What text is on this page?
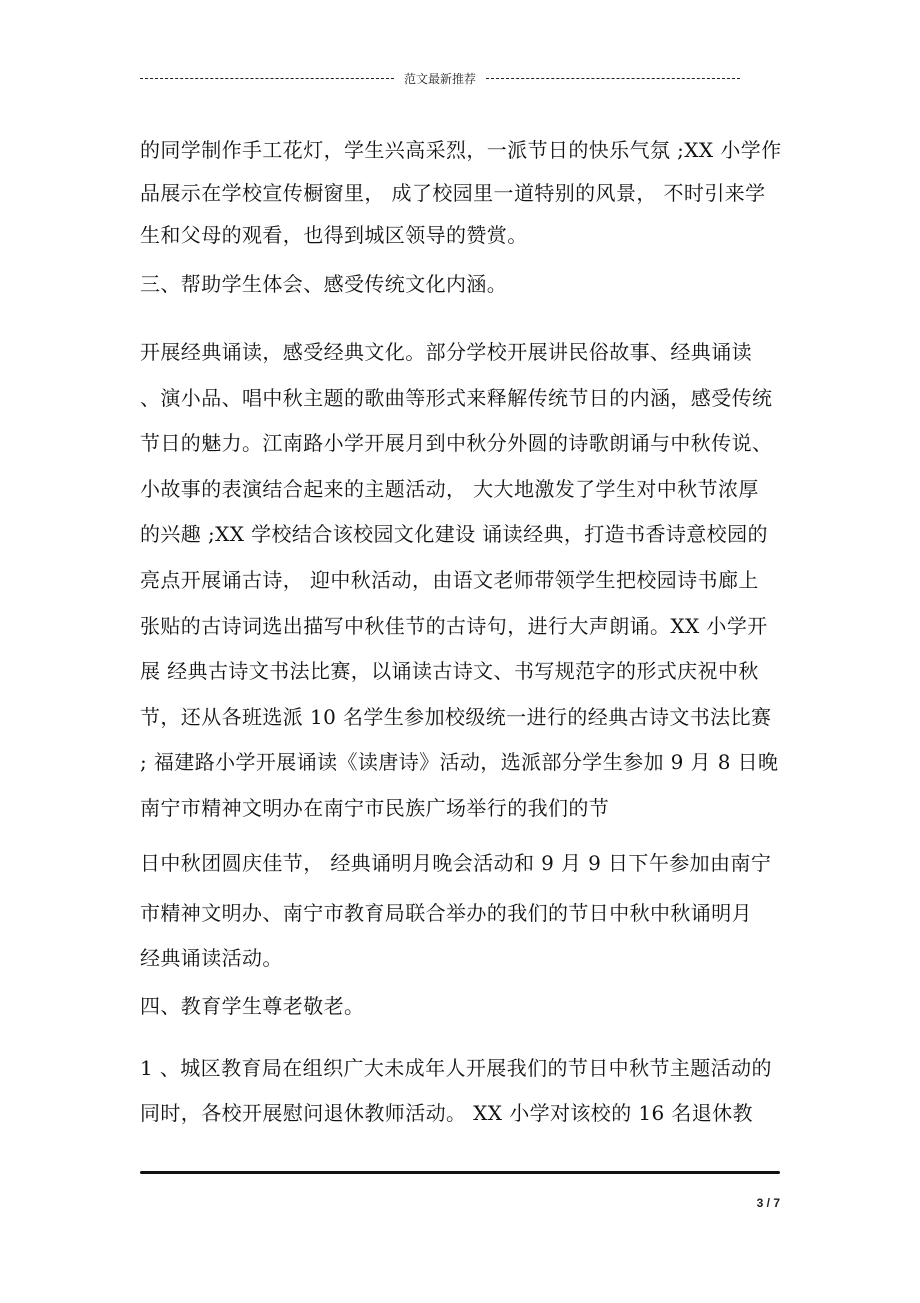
范文最新推荐
的同学制作手工花灯，学生兴高采烈，一派节日的快乐气氛 ;XX 小学作
品展示在学校宣传橱窗里， 成了校园里一道特别的风景， 不时引来学
生和父母的观看，也得到城区领导的赞赏。
三、帮助学生体会、感受传统文化内涵。
开展经典诵读，感受经典文化。部分学校开展讲民俗故事、经典诵读
、演小品、唱中秋主题的歌曲等形式来释解传统节日的内涵，感受传统
节日的魅力。江南路小学开展月到中秋分外圆的诗歌朗诵与中秋传说、
小故事的表演结合起来的主题活动， 大大地激发了学生对中秋节浓厚
的兴趣 ;XX 学校结合该校园文化建设 诵读经典，打造书香诗意校园的
亮点开展诵古诗， 迎中秋活动，由语文老师带领学生把校园诗书廊上
张贴的古诗词选出描写中秋佳节的古诗句，进行大声朗诵。XX 小学开
展 经典古诗文书法比赛，以诵读古诗文、书写规范字的形式庆祝中秋
节，还从各班选派 10 名学生参加校级统一进行的经典古诗文书法比赛
; 福建路小学开展诵读《读唐诗》活动，选派部分学生参加 9 月 8 日晚
南宁市精神文明办在南宁市民族广场举行的我们的节
日中秋团圆庆佳节， 经典诵明月晚会活动和 9 月 9 日下午参加由南宁
市精神文明办、南宁市教育局联合举办的我们的节日中秋中秋诵明月
经典诵读活动。
四、教育学生尊老敬老。
1 、城区教育局在组织广大未成年人开展我们的节日中秋节主题活动的
同时，各校开展慰问退休教师活动。 XX 小学对该校的 16 名退休教
3 / 7
